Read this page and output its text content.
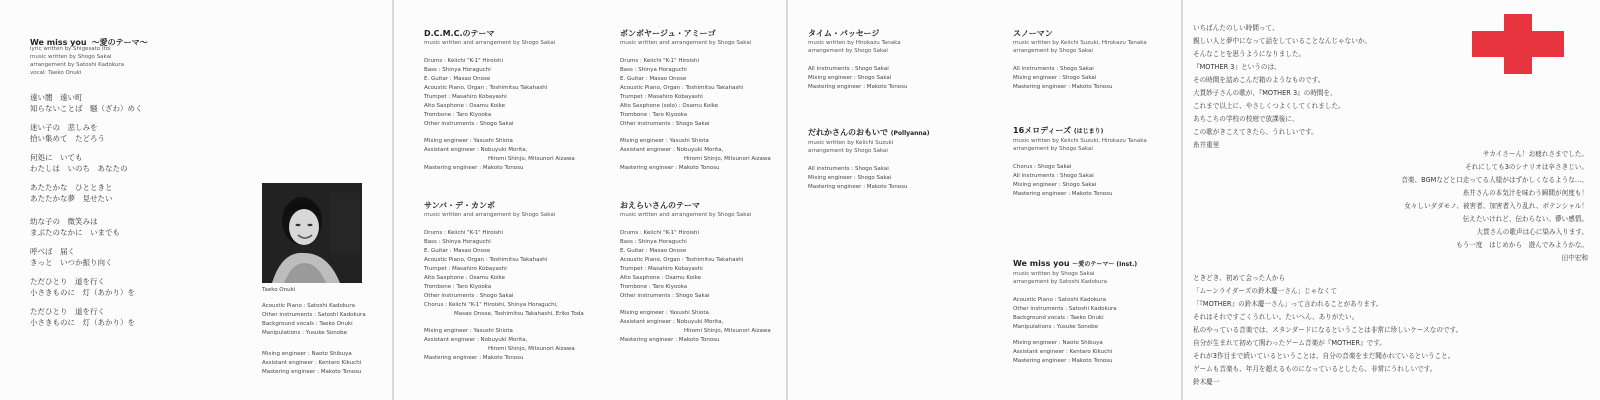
We miss you 〜愛のテーマ〜
lyric written by Shigesato Itoi
music written by Shogo Sakai
arrangement by Satoshi Kadokura
vocal: Taeko Onuki
遠い闇　遠い町
知らないことば　騒（ざわ）めく
迷い子の　悲しみを
拾い集めて　たどろう
何処に　いても
わたしは　いのち　あなたの
あたたかな　ひとときと
あたたかな夢　見せたい
幼な子の　微笑みは
まぶたのなかに　いまでも
呼べば　届く
きっと　いつか振り向く
ただひとり　道を行く
小さきものに　灯（あかり）を
ただひとり　道を行く
小さきものに　灯（あかり）を
Taeko Onuki
Acoustic Piano : Satoshi Kadokura
Other instruments : Satoshi Kadokura
Background vocals : Taeko Onuki
Manipulations : Yusuke Sonobe
Mixing engineer : Naoto Shibuya
Assistant engineer : Kentaro Kikuchi
Mastering engineer : Makoto Tonosu
D.C.M.C.のテーマ
music written and arrangement by Shogo Sakai
Drums : Keiichi "K-1" Hiroishi
Bass : Shinya Horaguchi
E. Guitar : Masao Onose
Acoustic Piano, Organ : Toshimitsu Takahashi
Trumpet : Masahiro Kobayashi
Alto Saxphone : Osamu Koike
Trombone : Taro Kiyooka
Other instruments : Shogo Sakai
Mixing engineer : Yasushi Shiota
Assistant engineer : Nobuyuki Morita,
Hiromi Shinjo, Mitsunori Aizawa
Mastering engineer : Makoto Tonosu
サンバ・デ・カンポ
music written and arrangement by Shogo Sakai
Drums : Keiichi "K-1" Hiroishi
Bass : Shinya Horaguchi
E. Guitar : Masao Onose
Acoustic Piano, Organ : Toshimitsu Takahashi
Trumpet : Masahiro Kobayashi
Alto Saxphone : Osamu Koike
Trombone : Taro Kiyooka
Other instruments : Shogo Sakai
Chorus : Keiichi "K-1" Hiroishi, Shinya Horaguchi,
Masao Onose, Toshimitsu Takahashi, Eriko Toda
Mixing engineer : Yasushi Shiota
Assistant engineer : Nobuyuki Morita,
Hiromi Shinjo, Mitsunori Aizawa
Mastering engineer : Makoto Tonosu
ボンボヤージュ・アミーゴ
music written and arrangement by Shogo Sakai
Drums : Keiichi "K-1" Hiroishi
Bass : Shinya Horaguchi
E. Guitar : Masao Onose
Acoustic Piano, Organ : Toshimitsu Takahashi
Trumpet : Masahiro Kobayashi
Alto Saxphone (solo) : Osamu Koike
Trombone : Taro Kiyooka
Other instruments : Shogo Sakai
Mixing engineer : Yasushi Shiota
Assistant engineer : Nobuyuki Morita,
Hiromi Shinjo, Mitsunori Aizawa
Mastering engineer : Makoto Tonosu
おえらいさんのテーマ
music written and arrangement by Shogo Sakai
Drums : Keiichi "K-1" Hiroishi
Bass : Shinya Horaguchi
E. Guitar : Masao Onose
Acoustic Piano, Organ : Toshimitsu Takahashi
Trumpet : Masahiro Kobayashi
Alto Saxphone : Osamu Koike
Trombone : Taro Kiyooka
Other instruments : Shogo Sakai
Mixing engineer : Yasushi Shiota
Assistant engineer : Nobuyuki Morita,
Hiromi Shinjo, Mitsunori Aizawa
Mastering engineer : Makoto Tonosu
タイム・パッセージ
music written by Hirokazu Tanaka
arrangement by Shogo Sakai
All instruments : Shogo Sakai
Mixing engineer : Shogo Sakai
Mastering engineer : Makoto Tonosu
だれかさんのおもいで (Pollyanna)
music written by Keiichi Suzuki
arrangement by Shogo Sakai
All instruments : Shogo Sakai
Mixing engineer : Shogo Sakai
Mastering engineer : Makoto Tonosu
スノーマン
music written by Keiichi Suzuki, Hirokazu Tanaka
arrangement by Shogo Sakai
All instruments : Shogo Sakai
Mixing engineer : Shogo Sakai
Mastering engineer : Makoto Tonosu
16メロディーズ (はじまり)
music written by Keiichi Suzuki, Hirokazu Tanaka
arrangement by Shogo Sakai
Chorus : Shogo Sakai
All instruments : Shogo Sakai
Mixing engineer : Shogo Sakai
Mastering engineer : Makoto Tonosu
We miss you 〜愛のテーマ〜 (Inst.)
music written by Shogo Sakai
arrangement by Satoshi Kadokura
Acoustic Piano : Satoshi Kadokura
Other instruments : Satoshi Kadokura
Background vocals : Taeko Onuki
Manipulations : Yusuke Sonobe
Mixing engineer : Naoto Shibuya
Assistant engineer : Kentaro Kikuchi
Mastering engineer : Makoto Tonosu
いちばんたのしい時間って、
親しい人と夢中になって話をしていることなんじゃないか。
そんなことを思うようになりました。
『MOTHER 3』というのは、
その時間を詰めこんだ箱のようなものです。
大貫妙子さんの歌が、『MOTHER 3』の時間を、
これまで以上に、やさしくつよくしてくれました。
あちこちの学校の校庭で放課後に、
この歌がきこえてきたら、うれしいです。
糸井重里
サカイさーん！お疲れさまでした。
それにしても3のシナリオは辛さきじい。
音楽、BGMなどと口走ってる人様がはずかしくなるような…、
糸井さんの本気汁を味わう瞬間が何度も！
女々しいダダモノ、被害者、加害者入り乱れ、ボテンシャル！
伝えたいけれど、伝わらない。儚い感情。
大貫さんの歌声は心に染み入ります。
もう一度　はじめから　遊んでみようかな。
田中宏和
ときどき、初めて会った人から
「ムーンライダーズの鈴木慶一さん」じゃなくて
「『MOTHER』の鈴木慶一さん」って言われることがあります。
それはそれですごくうれしい。たいへん、ありがたい。
私のやっている音楽では、スタンダードになるということは非常に珍しいケースなのです。
自分が生まれて初めて関わったゲーム音楽が『MOTHER』です。
それが3作目まで続いているということは、自分の音楽をまだ聞かれているということ。
ゲームも音楽も、年月を超えるものになっているとしたら、非常にうれしいです。
鈴木慶一
